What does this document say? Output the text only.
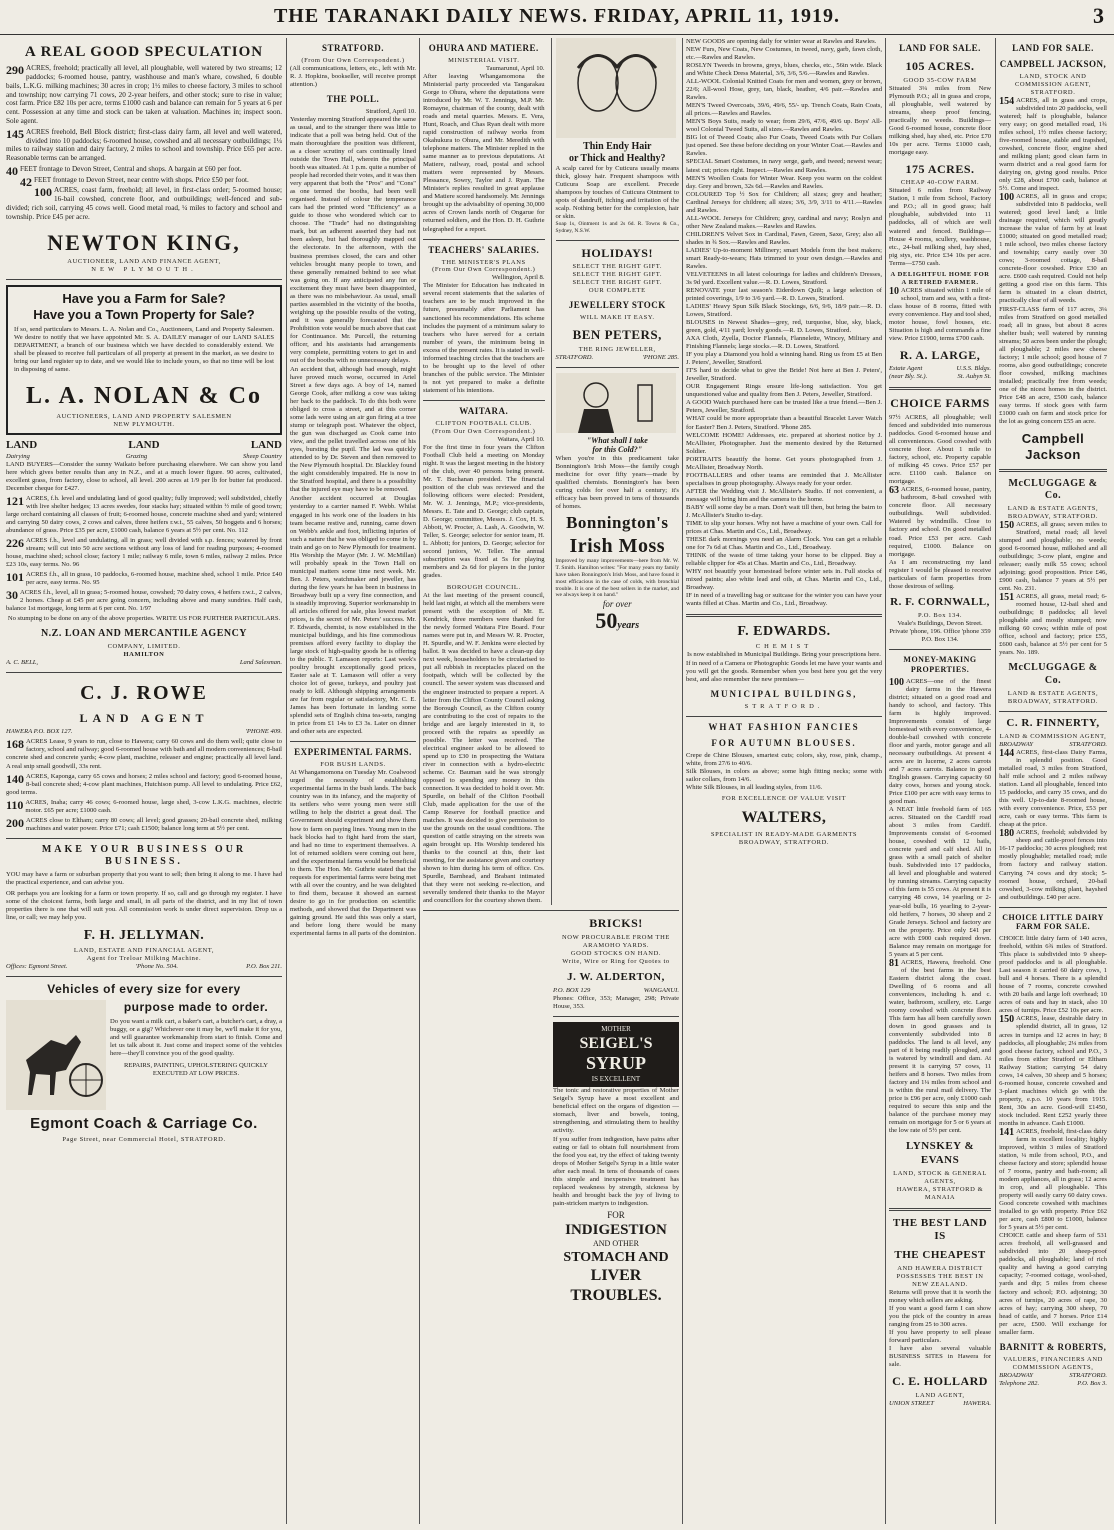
THE TARANAKI DAILY NEWS. FRIDAY, APRIL 11, 1919.	3
A REAL GOOD SPECULATION
290 ACRES, freehold; practically all level, all ploughable, well watered by two streams; 12 paddocks; 6-roomed house, pantry, washhouse and man's whare, cowshed, 6 double bails, L.K.G. milking machines; 30 acres in crop; 1½ miles to cheese factory, 3 miles to school and township; now carrying 71 cows, 20 2-year heifers, and other stock; sure to rise in value; cost farm. Price £82 10s per acre, terms £1000 cash and balance can remain for 5 years at 6 per cent. Possession at any time and stock can be taken at valuation. Machines in; inspect soon. Sole agent.
145 ACRES freehold, Bell Block district; first-class dairy farm, all level and well watered, divided into 10 paddocks; 6-roomed house, cowshed and all necessary outbuildings; 1¼ miles to railway station and dairy factory, 2 miles to school and township. Price £65 per acre. Reasonable terms can be arranged.
40 FEET frontage to Devon Street, Central and shops. A bargain at £60 per foot.
42 FEET frontage to Devon Street, near centre with shops. Price £50 per foot.
100 ACRES, coast farm, freehold; all level, in first-class order; 5-roomed house; 16-bail cowshed, concrete floor, and outbuildings; well-fenced and sub-divided; rich soil, carrying 45 cows well. Good metal road, ¼ miles to factory and school and township. Price £45 per acre.
NEWTON KING,
AUCTIONEER, LAND AND FINANCE AGENT,
NEW PLYMOUTH.
Have you a Farm for Sale?
Have you a Town Property for Sale?
If so, send particulars to Messrs. L. A. Nolan and Co., Auctioneers, Land and Property Salesmen. We desire to notify that we have appointed Mr. S. A. DAILEY manager of our LAND SALES DEPARTMENT, a branch of our business which we have decided to considerably extend. We shall be pleased to receive full particulars of all property at present in the market, as we desire to bring our land register up to date, and we would like to include yours, so that no time will be lost in disposing of same.
L. A. NOLAN & Co
AUCTIONEERS, LAND AND PROPERTY SALESMEN
NEW PLYMOUTH.
LAND	LAND	LAND
Dairying	Grazing	Sheep Country
LAND BUYERS—Consider the sunny Waikato before purchasing elsewhere. We can show you land here which gives better results than any in N.Z., and at a much lower figure. 90 acres, cultivated, excellent grass, from factory, close to school, all level. 200 acres at 1/9 per lb for butter fat produced. December cheque for £427.
121 ACRES, f.h. level and undulating land of good quality; fully improved; well subdivided, chiefly with live shelter hedges; 13 acres swedes, four stacks hay; situated within ½ mile of good town; large orchard containing all classes of fruit; 6-roomed house, concrete machine shed and yard; wintered and carrying 50 dairy cows, 2 cows and calves, three heifers r.w.t., 55 calves, 50 hoggets and 6 horses; abundance of grass. Price £35 per acre, £1000 cash, balance 6 years at 5½ per cent. No. 112
226 ACRES f.h., level and undulating, all in grass; well divided with s.p. fences; watered by front stream; will cut into 50 acre sections without any loss of land for reading purposes; 4-roomed house, machine shed; school close; factory 1 mile; railway 6 mile, town 6 miles, railway 2 miles. Price £23 10s, easy terms. No. 96
101 ACRES f.h., all in grass, 10 paddocks, 6-roomed house, machine shed, school 1 mile. Price £40 per acre, easy terms. No. 95
30 ACRES f.h., level, all in grass; 5-roomed house, cowshed; 70 dairy cows, 4 heifers r.w.t., 2 calves, 2 horses. Cheap at £45 per acre going concern, including above and many sundries. Half cash, balance 1st mortgage, long term at 6 per cent. No. 1/97
No stumping to be done on any of the above properties. WRITE US FOR FURTHER PARTICULARS.
N.Z. LOAN AND MERCANTILE AGENCY
COMPANY, LIMITED.
HAMILTON
A. C. BELL,	Land Salesman.
C. J. ROWE
LAND AGENT
HAWERA P.O. BOX 127.	'PHONE 409.
168 ACRES Lease, 9 years to run, close to Hawera; carry 60 cows and do them well; quite close to factory, school and railway; good 6-roomed house with bath and all modern conveniences; 8-bail concrete shed and concrete yards; 4-cow plant, machine, releaser and engine; practically all level land. A real snip small goodwill, 33s rent.
140 ACRES, Kaponga, carry 65 cows and horses; 2 miles school and factory; good 6-roomed house, 8-bail concrete shed; 4-cow plant machines, Hutchison pump. All level to undulating. Price £62, good terms.
110 ACRES, Inaha; carry 46 cows; 6-roomed house, large shed, 3-cow L.K.G. machines, electric motor. £65 per acre; £1000 cash.
200 ACRES close to Eltham; carry 80 cows; all level; good grasses; 20-bail concrete shed, milking machines and water power. Price £71; cash £1500; balance long term at 5½ per cent.
MAKE YOUR BUSINESS OUR BUSINESS.
YOU may have a farm or suburban property that you want to sell; then bring it along to me. I have had the practical experience, and can advise you.
OR perhaps you are looking for a farm or town property. If so, call and go through my register. I have some of the choicest farms, both large and small, in all parts of the district, and in my list of town properties there is one that will suit you. All commission work is under direct supervision. Drop us a line, or call; we may help you.
F. H. JELLYMAN.
LAND, ESTATE AND FINANCIAL AGENT,
Agent for Treloar Milking Machine.
Offices: Egmont Street.	'Phone No. 504.	P.O. Box 211.
Vehicles of every size for every
purpose made to order.
Do you want a milk cart, a baker's cart, a butcher's cart, a dray, a buggy, or a gig? Whichever one it may be, we'll make it for you, and will guarantee workmanship from start to finish. Come and let us talk about it. Just come and inspect some of the vehicles here—they'll convince you of the good quality.
REPAIRS, PAINTING, UPHOLSTERING QUICKLY EXECUTED AT LOW PRICES.
Egmont Coach & Carriage Co.
Page Street, near Commercial Hotel, STRATFORD.
STRATFORD.
(From Our Own Correspondent.)
(All communications, letters, etc., left with Mr. R. J. Hopkins, bookseller, will receive prompt attention.)
THE POLL.
Stratford, April 10.
Yesterday morning Stratford appeared the same as usual, and to the stranger there was little to indicate that a poll was being held. Out of the main thoroughfare the position was different, as a closer scrutiny of cars continually lined outside the Town Hall, wherein the principal booth was situated. At 1 p.m. quite a number of people had recorded their votes, and it was then very apparent that both the "Pros" and "Cons" as one termed the booths, had been well organised. Instead of colour the temperance cars had the printed word "Efficiency" as a guide to those who wondered which car to choose. The "Trade" had no distinguishing mark, but an adherent asserted they had not been asleep, but had thoroughly mapped out the electorate. In the afternoon, with the business premises closed, the cars and other vehicles brought many people to town, and these generally remained behind to see what was going on. If any anticipated any fun or excitement they must have been disappointed, as there was no misbehaviour. As usual, small parties assembled in the vicinity of the booths, weighing up the possible results of the voting, and it was generally forecasted that the Prohibition vote would be much above that cast for Continuance. Mr. Purcell, the returning officer, and his assistants had arrangements very complete, permitting voters to get in and out of the booths with no unnecessary delays.
An accident that, although bad enough, might have proved much worse, occurred in Ariel Street a few days ago. A boy of 14, named George Cook, after milking a cow was taking her back to the paddock. To do this both were obliged to cross a street, and at this corner some lads were using an air gun firing at a tree stump or telegraph post. Whatever the object, the gun was discharged as Cook came into view, and the pellet travelled across one of his eyes, bursting the pupil. The lad was quickly attended to by Dr. Steven and then removed to the New Plymouth hospital. Dr. Blackley found the sight considerably impaired. He is now in the Stratford hospital, and there is a possibility that the injured eye may have to be removed.
Another accident occurred at Douglas yesterday to a carrier named F. Webb. Whilst engaged in his work one of the loaders in his team became restive and, running, came down on Webb's ankle and foot, inflicting injuries of such a nature that he was obliged to come in by train and go on to New Plymouth for treatment. His Worship the Mayor (Mr. J. W. McMillan) will probably speak in the Town Hall on municipal matters some time next week. Mr. Ben. J. Peters, watchmaker and jeweller, has during the few years he has been in business in Broadway built up a very fine connection, and is steadily improving. Superior workmanship in all articles offered for sale, plus lowest market prices, is the secret of Mr. Peters' success. Mr. F. Edwards, chemist, is now established in the municipal buildings, and his fine commodious premises afford every facility to display the large stock of high-quality goods he is offering to the public. T. Lamason reports: Last week's poultry brought exceptionally good prices, Easter sale at T. Lamason will offer a very choice lot of geese, turkeys, and poultry just ready to kill. Although shipping arrangements are far from regular or satisfactory, Mr. C. E. James has been fortunate in landing some splendid sets of English china tea-sets, ranging in price from £1 14s to £3 3s. Later on dinner and other sets are expected.
EXPERIMENTAL FARMS.
FOR BUSH LANDS.
At Whangamomona on Tuesday Mr. Coalwood urged the necessity of establishing experimental farms in the bush lands. The back country was in its infancy, and the majority of its settlers who were young men were still willing to help the district a great deal. The Government should experiment and show them how to farm on paying lines. Young men in the back blocks had to fight hard from the start, and had no time to experiment themselves. A lot of returned soldiers were coming out here, and the experimental farms would be beneficial to them. The Hon. Mr. Guthrie stated that the requests for experimental farms were being met with all over the country, and he was delighted to find them, because it showed an earnest desire to go in for production on scientific methods, and showed that the Department was gaining ground. He said this was only a start, and before long there would be many experimental farms in all parts of the dominion.
OHURA AND MATIERE.
MINISTERIAL VISIT.
Taumarunui, April 10.
After leaving Whangamomona the Ministerial party proceeded via Tangarakau Gorge to Ohura, where the deputations were introduced by Mr. W. T. Jennings, M.P. Mr. Romayne, chairman of the county, dealt with roads and metal quarries. Messrs. E. Vera, Hunt, Roach, and Chas Ryan dealt with more rapid construction of railway works from Okahukura to Ohura, and Mr. Meredith with telephone matters. The Minister replied in the same manner as to previous deputations. At Matiere, railway, road, postal and school matters were represented by Messrs. Plessance, Sowry, Taylor and J. Ryan. The Minister's replies resulted in great applause and Matiere scored handsomely. Mr. Jennings brought up the advisability of opening 30,000 acres of Crown lands north of Ongarue for returned soldiers, and the Hon. D. H. Guthrie telegraphed for a report.
TEACHERS' SALARIES.
THE MINISTER'S PLANS
(From Our Own Correspondent.)
Wellington, April 8.
The Minister for Education has indicated in several recent statements that the salaries of teachers are to be much improved in the future, presumably after Parliament has sanctioned his recommendations. His scheme includes the payment of a minimum salary to teachers who have served for a certain number of years, the minimum being in excess of the present rates. It is stated in well-informed teaching circles that the teachers are to be brought up to the level of other branches of the public service. The Minister is not yet prepared to make a definite statement of his intentions.
WAITARA.
CLIFTON FOOTBALL CLUB.
(From Our Own Correspondent.)
Waitara, April 10.
For the first time in four years the Clifton Football Club held a meeting on Monday night. It was the largest meeting in the history of the club, over 40 persons being present. Mr. T. Buchanan presided. The financial position of the club was reviewed and the following officers were elected: President, Mr. W. J. Jennings, M.P.; vice-presidents, Messrs. E. Tate and D. George; club captain, D. George; committee, Messrs. J. Cox, H. S. Abbott, W. Procter, A. Lash, A. Goodwin, W. Teller, S. George; selector for senior team, H. L. Abbott; for juniors, D. George; selector for second juniors, W. Teller. The annual subscription was fixed at 5s for playing members and 2s 6d for players in the junior grades.
BOROUGH COUNCIL.
At the last meeting of the present council, held last night, at which all the members were present with the exception of Mr. E. Kendrick, three members were thanked for the newly formed Waitara Fire Board. Four names were put in, and Messrs W. R. Procter, H. Spurdle, and W. F. Jenkins were elected by ballot. It was decided to have a clean-up day next week, householders to be circularised to put all rubbish in receptacles placed on the footpath, which will be collected by the council. The sewer system was discussed and the engineer instructed to prepare a report. A letter from the Clifton County Council asking the Borough Council, as the Clifton county are contributing to the cost of repairs to the bridge and are largely interested in it, to proceed with the repairs as speedily as possible. The letter was received. The electrical engineer asked to be allowed to spend up to £30 in prospecting the Waitara river in connection with a hydro-electric scheme. Cr. Bauman said he was strongly opposed to spending any money in this connection. It was decided to hold it over. Mr. Spurdle, on behalf of the Clifton Football Club, made application for the use of the Camp Reserve for football practice and matches. It was decided to give permission to use the grounds on the usual conditions. The question of cattle straying on the streets was again brought up. His Worship tendered his thanks to the council at this, their last meeting, for the assistance given and courtesy shown to him during his term of office. Crs. Spurdle, Barnhead, and Brabant intimated that they were not seeking re-election, and severally tendered their thanks to the Mayor and councillors for the courtesy shown them.
Thin Endy Hair
or Thick and Healthy?
A scalp cared for by Cuticura usually means thick, glossy hair. Frequent shampoos with Cuticura Soap are excellent. Precede shampoos by touches of Cuticura Ointment to spots of dandruff, itching and irritation of the scalp. Nothing better for the complexion, hair or skin.
Soap 1s, Ointment 1s and 2s 6d. R. Towns & Co., Sydney, N.S.W.
HOLIDAYS!
SELECT THE RIGHT GIFT.
SELECT THE RIGHT GIFT.
SELECT THE RIGHT GIFT.
OUR COMPLETE
JEWELLERY STOCK
WILL MAKE IT EASY.
BEN PETERS,
THE RING JEWELLER,
STRATFORD.	'PHONE 285.
"What shall I take
for this Cold?"
When you're in this predicament take Bonnington's Irish Moss—the family cough medicine for over fifty years—made by qualified chemists. Bonnington's has been curing colds for over half a century; it's efficacy has been proved in tens of thousands of homes.
Bonnington's
Irish Moss
Improved by many improvements—here from Mr. W. T. Smith. Hamilton writes: "For many years my family have taken Bonnington's Irish Moss, and have found it most efficacious in the case of colds, with bronchial trouble. It is one of the best sellers in the market, and we always keep it on hand."
for over
50years
BRICKS!
NOW PROCURABLE FROM THE ARAMOHO YARDS.
GOOD STOCKS ON HAND.
Write, Wire or Ring for Quotes to
J. W. ALDERTON,
P.O. BOX 129	WANGANUI.
Phones: Office, 353; Manager, 298; Private House, 353.
MOTHER
SEIGEL'S
SYRUP
IS EXCELLENT
The tonic and restorative properties of Mother Seigel's Syrup have a most excellent and beneficial effect on the organs of digestion — stomach, liver and bowels, toning, strengthening, and stimulating them to healthy activity.
If you suffer from indigestion, have pains after eating or fail to obtain full nourishment from the food you eat, try the effect of taking twenty drops of Mother Seigel's Syrup in a little water after each meal. In tens of thousands of cases this simple and inexpensive treatment has replaced weakness by strength, sickness by health and brought back the joy of living to pain-stricken martyrs to indigestion.
FOR
INDIGESTION
AND OTHER
STOMACH AND
LIVER
TROUBLES.
NEW GOODS are opening daily for winter wear at Rawles and Rawles.
NEW Furs, New Coats, New Costumes, in tweed, navy, garb, fawn cloth, etc.—Rawles and Rawles.
ROSLYN Tweeds in browns, greys, blues, checks, etc., 56in wide. Black and White Check Dress Material, 3/6, 3/6, 5/6.—Rawles and Rawles.
ALL-WOOL Colonial Knitted Coats for men and women, grey or brown, 22/6; All-wool Hose, grey, tan, black, heather, 4/6 pair.—Rawles and Rawles.
MEN'S Tweed Overcoats, 39/6, 49/6, 55/- up. Trench Coats, Rain Coats, all prices.—Rawles and Rawles.
MEN'S Boys Suits, ready to wear; from 29/6, 47/6, 49/6 up. Boys' All-wool Colonial Tweed Suits, all sizes.—Rawles and Rawles.
BIG lot of Tweed Coats; also Fur Coats, Tweed Coats with Fur Collars just opened. See these before deciding on your Winter Coat.—Rawles and Rawles.
SPECIAL Smart Costumes, in navy serge, garb, and tweed; newest wear; latest cut; prices right. Inspect.—Rawles and Rawles.
MEN'S Woollen Coats for Winter Wear. Keep you warm on the coldest day. Grey and brown, 32s 6d.—Rawles and Rawles.
COLOURED Top ½ Sox for Children; all sizes; grey and heather; Cardinal Jerseys for children; all sizes; 3/6, 3/9, 3/11 to 4/11.—Rawles and Rawles.
ALL-WOOL Jerseys for Children; grey, cardinal and navy; Roslyn and other New Zealand makes.—Rawles and Rawles.
CHILDREN'S Velvet Sox in Cardinal, Fawn, Green, Saxe, Grey; also all shades in ¾ Sox.—Rawles and Rawles.
LADIES' Up-to-moment Millinery; smart Models from the best makers; smart Ready-to-wears; Hats trimmed to your own design.—Rawles and Rawles.
VELVETEENS in all latest colourings for ladies and children's Dresses, 3s 9d yard. Excellent value.—R. D. Lowes, Stratford.
RENOVATE your last season's Eiderdown Quilt; a large selection of printed coverings, 1/9 to 3/6 yard.—R. D. Lowes, Stratford.
LADIES' Heavy Spun Silk Black Stockings, 6/6, 9/6, 18/9 pair.—R. D. Lowes, Stratford.
BLOUSES in Newest Shades—grey, red, turquoise, blue, sky, black, green, gold, 4/11 yard; lovely goods.—R. D. Lowes, Stratford.
AXA Cloth, Zyella, Doctor Flannels, Flannelette, Wincey, Military and Finishing Flannels; large stocks.—R. D. Lowes, Stratford.
IF you play a Diamond you hold a winning hand. Ring us from £5 at Ben J. Peters', Jeweller, Stratford.
IT'S hard to decide what to give the Bride! Not here at Ben J. Peters', Jeweller, Stratford.
OUR Engagement Rings ensure life-long satisfaction. You get unquestioned value and quality from Ben J. Peters, Jeweller, Stratford.
A GOOD Watch purchased here can be trusted like a true friend.—Ben J. Peters, Jeweller, Stratford.
WHAT could be more appropriate than a beautiful Bracelet Lever Watch for Easter? Ben J. Peters, Stratford. 'Phone 285.
WELCOME HOME! Addresses, etc. prepared at shortest notice by J. McAllister, Photographer. Just the memento desired by the Returned Soldier.
PORTRAITS beautify the home. Get yours photographed from J. McAllister, Broadway North.
FOOTBALLERS and other teams are reminded that J. McAllister specialises in group photography. Always ready for your order.
AFTER the Wedding visit J. McAllister's Studio. If not convenient, a message will bring him and the camera to the home.
BABY will some day be a man. Don't wait till then, but bring the bairn to J. McAllister's Studio to-day.
TIME to slip your horses. Why not have a machine of your own. Call for prices at Chas. Martin and Co., Ltd., Broadway.
THESE dark mornings you need an Alarm Clock. You can get a reliable one for 7s 6d at Chas. Martin and Co., Ltd., Broadway.
THINK of the waste of time taking your horse to be clipped. Buy a reliable clipper for 45s at Chas. Martin and Co., Ltd., Broadway.
WHY not beautify your homestead before winter sets in. Full stocks of mixed paints; also white lead and oils, at Chas. Martin and Co., Ltd., Broadway.
IF in need of a travelling bag or suitcase for the winter you can have your wants filled at Chas. Martin and Co., Ltd., Broadway.
F. EDWARDS.
CHEMIST
Is now established in Municipal Buildings. Bring your prescriptions here.
If in need of a Camera or Photographic Goods let me have your wants and you will get the goods. Remember when you best here you get the very best, and also remember the new premises—
MUNICIPAL BUILDINGS,
STRATFORD.
WHAT FASHION FANCIES
FOR AUTUMN BLOUSES.
Crepe de Chine Blouses, smartest cuts; colors, sky, rose, pink, champ., white, from 27/6 to 40/6.
Silk Blouses, in colors as above; some high fitting necks; some with sailor collars, from 14/6.
White Silk Blouses, in all leading styles, from 11/6.
FOR EXCELLENCE OF VALUE VISIT
WALTERS,
SPECIALIST IN READY-MADE GARMENTS
BROADWAY, STRATFORD.
LAND FOR SALE.
105 ACRES.
GOOD 35-COW FARM
Situated 3¼ miles from New Plymouth P.O.; all in grass and crops, all ploughable, well watered by streams, sheep proof fencing, practically no weeds. Buildings—Good 6-roomed house, concrete floor milking shed, hay shed, etc. Price £70 10s per acre. Terms £1000 cash, mortgage easy.
175 ACRES.
CHEAP 40-COW FARM.
Situated 6 miles from Railway Station, 1 mile from School, Factory and P.O.; all in good grass; half ploughable, subdivided into 11 paddocks, all of which are well watered and fenced. Buildings—House 4 rooms, scullery, washhouse, etc., 24-bail milking shed, hay shed, pig stys, etc. Price £34 10s per acre. Terms—£750 cash.
A DELIGHTFUL HOME FOR A RETIRED FARMER.
10 ACRES situated within 1 mile of school, tram and sea, with a first-class house of 8 rooms, fitted with every convenience. Hay and tool shed, motor house, fowl houses, etc. Situation is high and commands a fine view. Price £1900, terms £700 cash.
R. A. LARGE,
Estate Agent	U.S.S. Bldgs.
(near Bly. St.).	St. Aubyn St.
CHOICE FARMS
97½ ACRES, all ploughable; well fenced and subdivided into numerous paddocks. Good 6-roomed house and all conveniences. Good cowshed with concrete floor. About 1 mile to factory, school, etc. Property capable of milking 45 cows. Price £57 per acre. £1100 cash. Balance on mortgage.
63 ACRES, 6-roomed house, pantry, bathroom, 8-bail cowshed with concrete floor. All necessary outbuildings. Well subdivided. Watered by windmills. Close to factory and school. On good metalled road. Price £53 per acre. Cash required, £1000. Balance on mortgage.
As I am reconstructing my land register I would be pleased to receive particulars of farm properties from those desirous of selling.
R. F. CORNWALL,
P.O. Box 134.
Veale's Buildings, Devon Street. Private 'phone, 196. Office 'phone 359 P.O. Box 134.
MONEY-MAKING PROPERTIES.
100 ACRES—one of the finest dairy farms in the Hawera district; situated on a good road and handy to school, and factory. This farm is highly improved. Improvements consist of large homestead with every convenience, 4-double-bail cowshed with concrete floor and yards, motor garage and all necessary outbuildings. At present 4 acres are in lucerne, 2 acres carrots and 7 acres carrots. Balance in good English grasses. Carrying capacity 60 dairy cows, horses and young stock. Price £100 per acre with easy terms to good man.
A NEAT little freehold farm of 165 acres. Situated on the Cardiff road about 3 miles from Cardiff. Improvements consist of 6-roomed house, cowshed with 12 bails, concrete yard and calf shed. All in grass with a small patch of shelter bush. Subdivided into 17 paddocks, all level and ploughable and watered by running streams. Carrying capacity of this farm is 55 cows. At present it is carrying 48 cows, 14 yearling or 2-year-old bulls, 16 yearling to 2-year-old heifers, 7 horses, 30 sheep and 2 Grade Jerseys. School and factory are on the property. Price only £41 per acre with £900 cash required down. Balance may remain on mortgage for 5 years at 5 per cent.
81 ACRES, Hawera, freehold. One of the best farms in the best Eastern district along the coast. Dwelling of 6 rooms and all conveniences, including h. and c. water, bathroom, scullery, etc. Large roomy cowshed with concrete floor. This farm has all been carefully sown down in good grasses and is conveniently subdivided into 8 paddocks. The land is all level, any part of it being readily ploughed, and is watered by windmill and dam. At present it is carrying 57 cows, 11 heifers and 8 horses. Two miles from factory and 1¼ miles from school and is within the rural mail delivery. The price is £96 per acre, only £1000 cash required to secure this snip and the balance of the purchase money may remain on mortgage for 5 or 6 years at the low rate of 5½ per cent.
LYNSKEY & EVANS
LAND, STOCK & GENERAL AGENTS,
HAWERA, STRATFORD & MANAIA
THE BEST LAND IS
THE CHEAPEST
AND HAWERA DISTRICT POSSESSES THE BEST IN NEW ZEALAND.
Returns will prove that it is worth the money which sellers are asking.
If you want a good farm I can show you the pick of the country in areas ranging from 25 to 300 acres.
If you have property to sell please forward particulars.
I have also several valuable BUSINESS SITES in Hawera for sale.
C. E. HOLLARD
LAND AGENT,
UNION STREET	HAWERA.
LAND FOR SALE.
CAMPBELL JACKSON,
LAND, STOCK AND COMMISSION AGENT, STRATFORD.
154 ACRES, all in grass and crops, subdivided into 20 paddocks, well watered; half is ploughable, balance very easy; on good metalled road, 1¾ miles school, 1½ miles cheese factory; five-roomed house, stable and trapshed, cowshed, concrete floor, engine shed and milking plant; good clean farm in warm district and a real good farm for dairying on, giving good results. Price only £28, about £700 cash, balance at 5½. Come and inspect.
100 ACRES, all in grass and crops; subdivided into 8 paddocks, well watered; good level land; a little drainage required, which will greatly increase the value of farm by at least £1000; situated on good metalled road; 1 mile school, two miles cheese factory and township; carry easily over 30 cows; 3-roomed cottage, 8-bail concrete-floor cowshed. Price £30 an acre. £600 cash required. Could not help getting a good rise on this farm. This farm is situated in a clean district, practically clear of all weeds.
FIRST-CLASS farm of 117 acres, 3¼ miles from Stratford on good metalled road; all in grass, but about 8 acres shelter bush; well watered by running streams; 50 acres been under the plough; all ploughable; 2 miles new cheese factory; 1 mile school; good house of 7 rooms, also good outbuildings; concrete floor cowshed, milking machines installed; practically free from weeds; one of the nicest homes in the district. Price £48 an acre, £500 cash, balance easy terms. If stock goes with farm £1000 cash on farm and stock price for the lot as going concern £55 an acre.
Campbell Jackson
McCLUGGAGE & Co.
LAND & ESTATE AGENTS,
BROADWAY, STRATFORD.
150 ACRES, all grass; seven miles to Stratford, metal road; all level stumped and ploughable; no weeds; good 6-roomed house, milkshed and all outbuildings; 3-cow plant, engine and releaser; easily milk 55 cows; school adjoining; good proposition. Price £46, £900 cash, balance 7 years at 5½ per cent. No. 231.
151 ACRES, all grass, metal road; 6-roomed house, 12-bail shed and outbuildings; 8 paddocks; all level ploughable and mostly stumped; now milking 60 cows; within mile of post office, school and factory; price £55, £600 cash, balance at 5½ per cent for 5 years. No. 189.
McCLUGGAGE & Co.
LAND & ESTATE AGENTS,
BROADWAY, STRATFORD.
C. R. FINNERTY,
LAND & COMMISSION AGENT,
BROADWAY	STRATFORD.
144 ACRES, first-class Dairy Farms, in splendid position. Good metalled road, 3 miles from Stratford, half mile school and 2 miles railway station. Land all ploughable, fenced into 15 paddocks, and carry 35 cows, and do this well. Up-to-date 8-roomed house, with every convenience. Price, £53 per acre, cash or easy terms. This farm is cheap at the price.
180 ACRES, freehold; subdivided by sheep and cattle-proof fences into 16-17 paddocks; 30 acres ploughed; rest mostly ploughable; metalled road; mile from factory and railway station. Carrying 74 cows and dry stock; 5-roomed house, orchard, 20-bail cowshed, 3-cow milking plant, hayshed and outbuildings. £40 per acre.
CHOICE LITTLE DAIRY FARM FOR SALE.
CHOICE little dairy farm of 140 acres, freehold, within 6¾ miles of Stratford. This place is subdivided into 9 sheep-proof paddocks and is all ploughable. Last season it carried 60 dairy cows, 1 bull and 4 horses. There is a splendid house of 7 rooms, concrete cowshed with 20 bails and large loft overhead; 10 acres of oats and hay in stack, also 10 acres of turnips. Price £52 10s per acre.
150 ACRES, lease, desirable dairy in splendid district, all in grass, 12 acres in turnips and 12 acres in hay; 8 paddocks, all ploughable; 2¼ miles from good cheese factory, school and P.O., 3 miles from either Stratford or Eltham Railway Station; carrying 54 dairy cows, 14 calves, 30 sheep and 5 horses; 6-roomed house, concrete cowshed and 3-plant machines which go with the property, e.p.o. 10 years from 1915. Rent, 30s an acre. Good-will £1450, stock included. Rent £252 yearly three months in advance. Cash £1000.
141 ACRES, freehold, first-class dairy farm in excellent locality; highly improved, within 3 miles of Stratford station, ¼ mile from school, P.O., and cheese factory and store; splendid house of 7 rooms, pantry and bath-room; all modern appliances, all in grass; 12 acres in crop, and all ploughable. This property will easily carry 60 dairy cows. Good concrete cowshed with machines installed to go with property. Price £62 per acre, cash £800 to £1000, balance for 5 years at 5½ per cent.
CHOICE cattle and sheep farm of 531 acres freehold, all well-grassed and subdivided into 20 sheep-proof paddocks, all ploughable; land of rich quality and having a good carrying capacity; 7-roomed cottage, wool-shed, yards and dip; 5 miles from cheese factory and school; P.O. adjoining; 30 acres of turnips, 20 acres of rape, 30 acres of hay; carrying 300 sheep, 70 head of cattle, and 7 horses. Price £14 per acre, £500. Will exchange for smaller farm.
BARNITT & ROBERTS,
VALUERS, FINANCIERS AND COMMISSION AGENTS,
BROADWAY	STRATFORD.
Telephone 282.	P.O. Box 3.
